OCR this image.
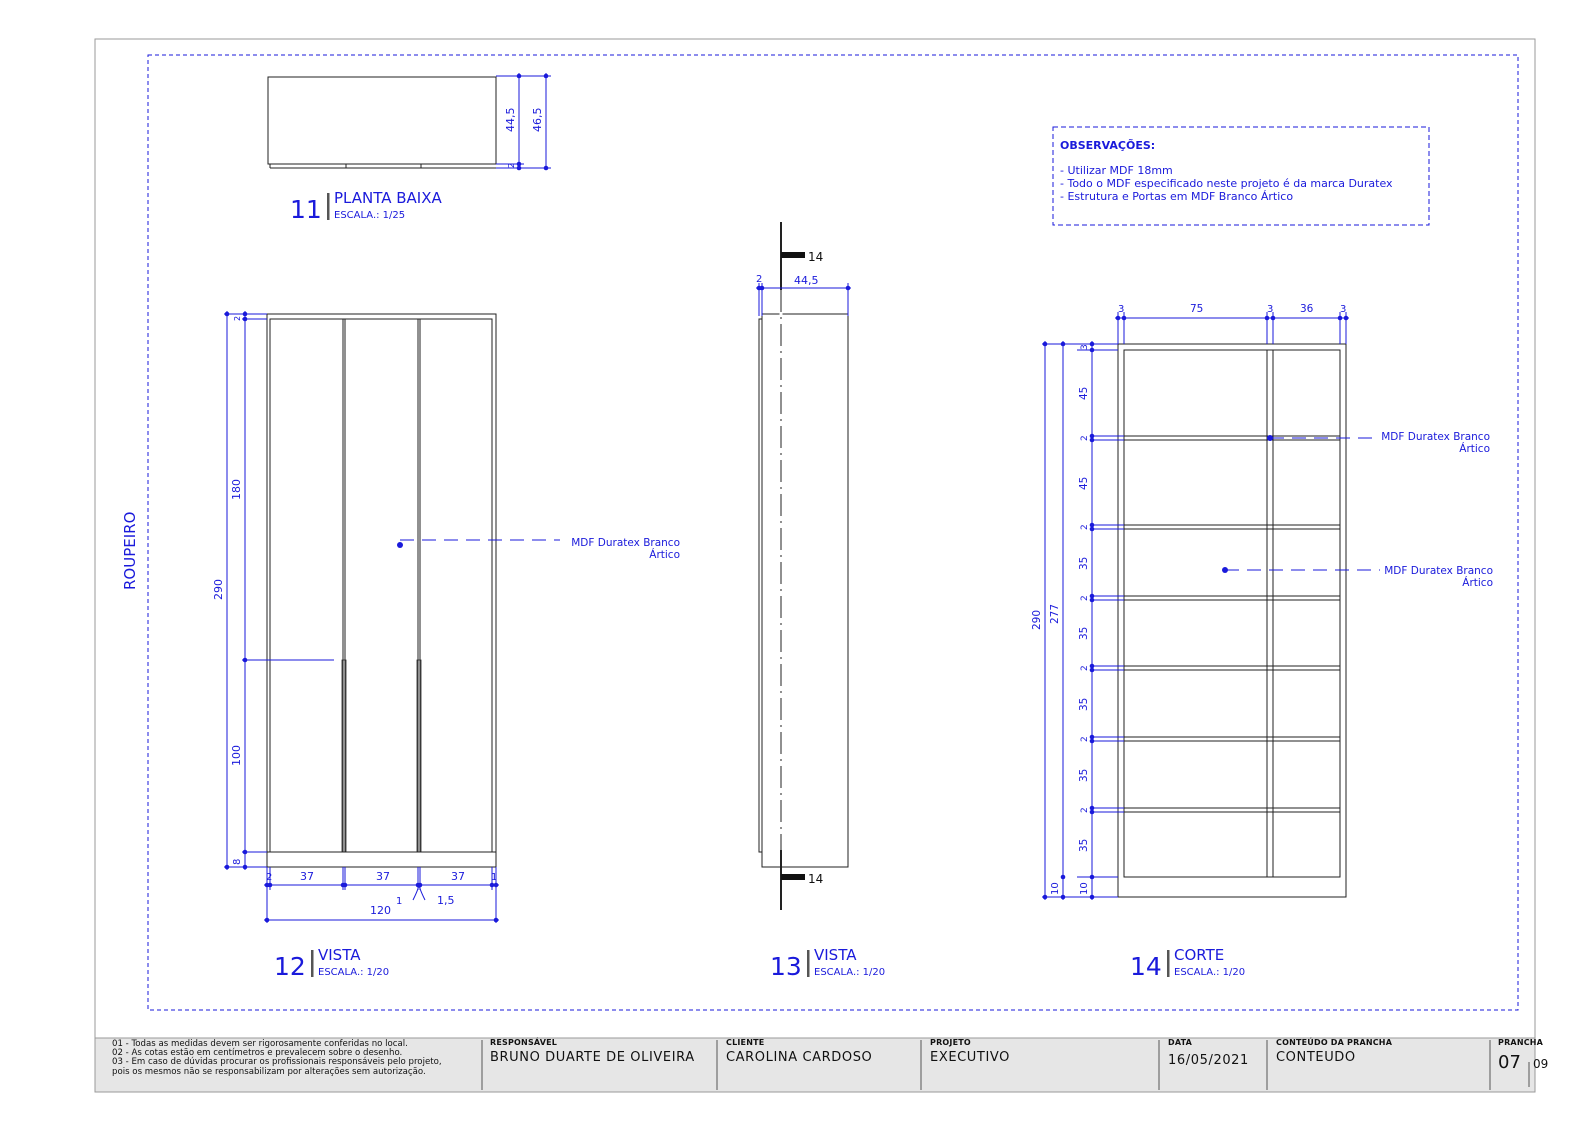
ROUPEIRO
44,5 46,5
2
11 PLANTA BAIXA
ESCALA.: 1/25
290
180
100
8
2
2	37	37	37	1
1	1,5
120
MDF Duratex Branco
Ártico
12 VISTA
ESCALA.: 1/20
14
14
2	44,5
13 VISTA
ESCALA.: 1/20
3	75	3	36	3
290 277
3
45
2
45
2
35
2
35
2
35
2
35
2
35
10 10
MDF Duratex Branco
Ártico
MDF Duratex Branco
Ártico
14 CORTE
ESCALA.: 1/20
OBSERVAÇÕES:
- Utilizar MDF 18mm
- Todo o MDF especificado neste projeto é da marca Duratex
- Estrutura e Portas em MDF Branco Ártico
01 - Todas as medidas devem ser rigorosamente conferidas no local.
02 - As cotas estão em centímetros e prevalecem sobre o desenho.
03 - Em caso de dúvidas procurar os profissionais responsáveis pelo projeto,
pois os mesmos não se responsabilizam por alterações sem autorização.
RESPONSÁVEL
BRUNO DUARTE DE OLIVEIRA
CLIENTE
CAROLINA CARDOSO
PROJETO
EXECUTIVO
DATA
16/05/2021
CONTEÚDO DA PRANCHA
CONTEUDO
PRANCHA
07 09
